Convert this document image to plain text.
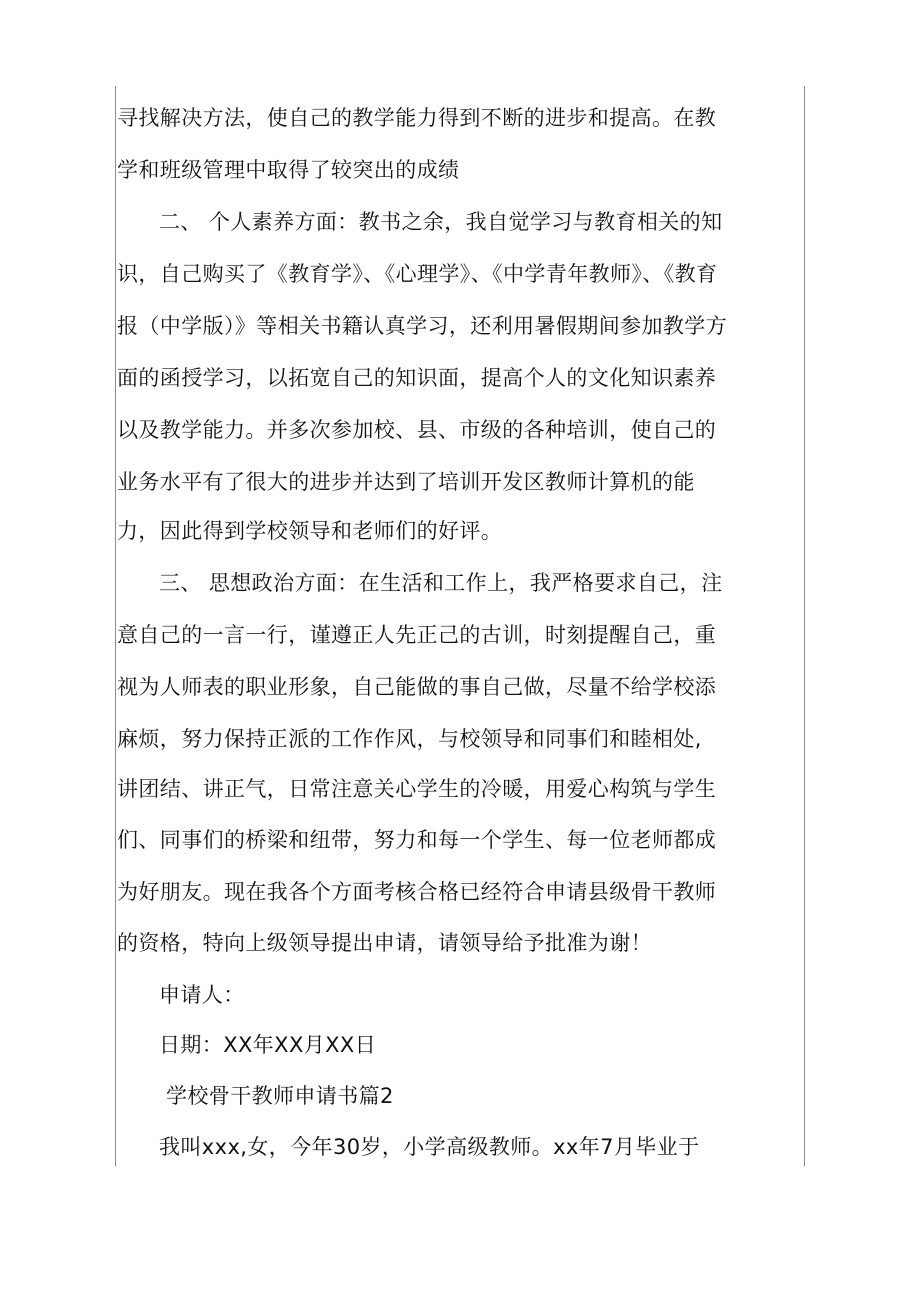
寻找解决方法，使自己的教学能力得到不断的进步和提高。在教
学和班级管理中取得了较突出的成绩
二、 个人素养方面：教书之余，我自觉学习与教育相关的知
识，自己购买了《教育学》、《心理学》、《中学青年教师》、《教育
报（中学版）》等相关书籍认真学习，还利用暑假期间参加教学方
面的函授学习，以拓宽自己的知识面，提高个人的文化知识素养
以及教学能力。并多次参加校、县、市级的各种培训，使自己的
业务水平有了很大的进步并达到了培训开发区教师计算机的能
力，因此得到学校领导和老师们的好评。
三、 思想政治方面：在生活和工作上，我严格要求自己，注
意自己的一言一行，谨遵正人先正己的古训，时刻提醒自己，重
视为人师表的职业形象，自己能做的事自己做，尽量不给学校添
麻烦，努力保持正派的工作作风，与校领导和同事们和睦相处,
讲团结、讲正气，日常注意关心学生的冷暖，用爱心构筑与学生
们、同事们的桥梁和纽带，努力和每一个学生、每一位老师都成
为好朋友。现在我各个方面考核合格已经符合申请县级骨干教师
的资格，特向上级领导提出申请，请领导给予批准为谢！
申请人：
日期：XX年XX月XX日
学校骨干教师申请书篇2
我叫xxx,女，今年30岁，小学高级教师。xx年7月毕业于
